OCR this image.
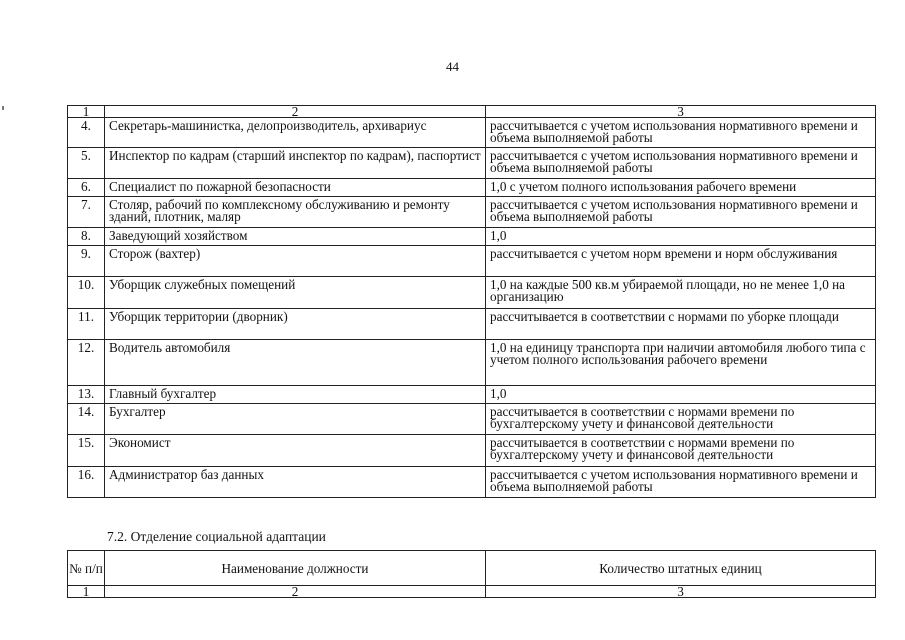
44
1	2	3
4.	Секретарь-машинистка, делопроизводитель, архивариус	рассчитывается с учетом использования нормативного времени и объема выполняемой работы
5.	Инспектор по кадрам (старший инспектор по кадрам), паспортист	рассчитывается с учетом использования нормативного времени и объема выполняемой работы
6.	Специалист по пожарной безопасности	1,0 с учетом полного использования рабочего времени
7.	Столяр, рабочий по комплексному обслуживанию и ремонту зданий, плотник, маляр	рассчитывается с учетом использования нормативного времени и объема выполняемой работы
8.	Заведующий хозяйством	1,0
9.	Сторож (вахтер)	рассчитывается с учетом норм времени и норм обслуживания
10.	Уборщик служебных помещений	1,0 на каждые 500 кв.м убираемой площади, но не менее 1,0 на организацию
11.	Уборщик территории (дворник)	рассчитывается в соответствии с нормами по уборке площади
12.	Водитель автомобиля	1,0 на единицу транспорта при наличии автомобиля любого типа с учетом полного использования рабочего времени
13.	Главный бухгалтер	1,0
14.	Бухгалтер	рассчитывается в соответствии с нормами времени по бухгалтерскому учету и финансовой деятельности
15.	Экономист	рассчитывается в соответствии с нормами времени по бухгалтерскому учету и финансовой деятельности
16.	Администратор баз данных	рассчитывается с учетом использования нормативного времени и объема выполняемой работы
7.2. Отделение социальной адаптации
№ п/п	Наименование должности	Количество штатных единиц
1	2	3
